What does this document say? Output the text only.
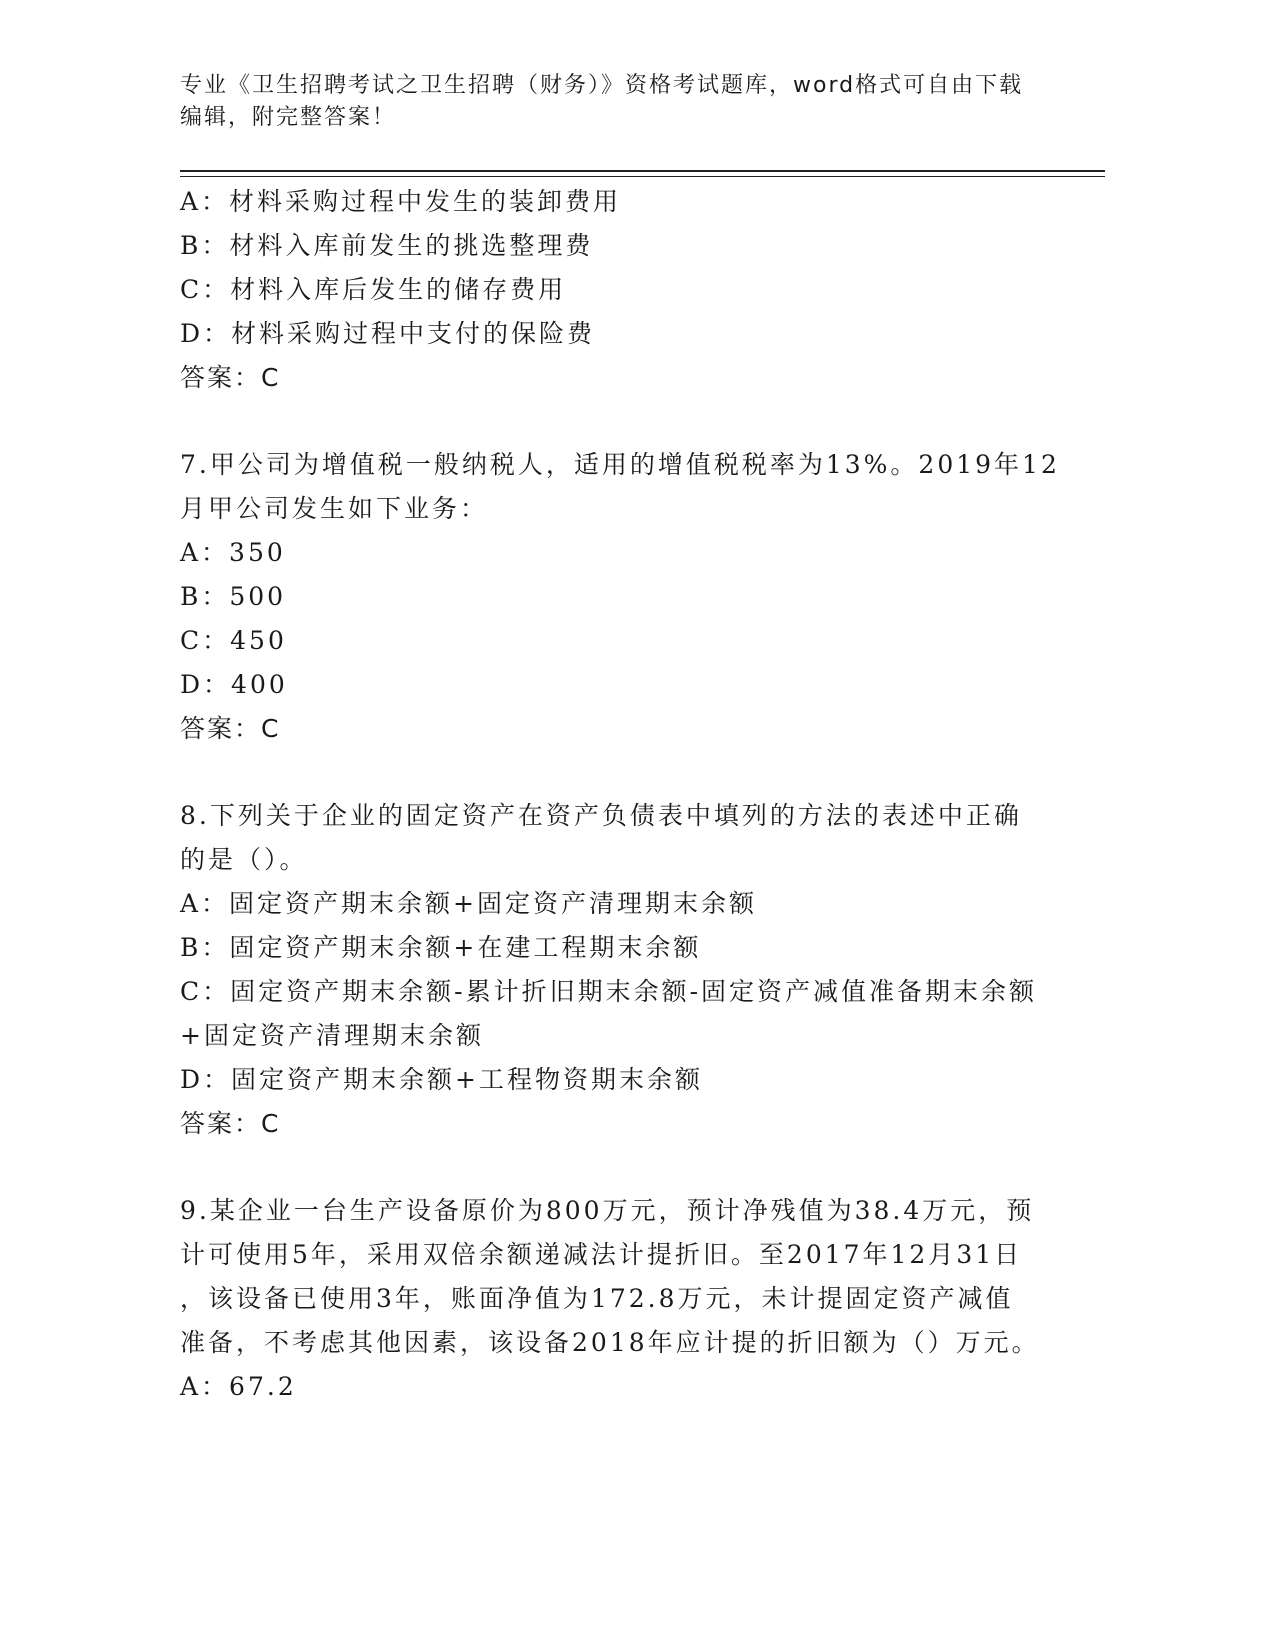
专业《卫生招聘考试之卫生招聘（财务）》资格考试题库，word格式可自由下载
编辑，附完整答案！
A：材料采购过程中发生的装卸费用
B：材料入库前发生的挑选整理费
C：材料入库后发生的储存费用
D：材料采购过程中支付的保险费
答案：C
7.甲公司为增值税一般纳税人，适用的增值税税率为13%。2019年12
月甲公司发生如下业务：
A：350
B：500
C：450
D：400
答案：C
8.下列关于企业的固定资产在资产负债表中填列的方法的表述中正确
的是（）。
A：固定资产期末余额+固定资产清理期末余额
B：固定资产期末余额+在建工程期末余额
C：固定资产期末余额-累计折旧期末余额-固定资产减值准备期末余额
+固定资产清理期末余额
D：固定资产期末余额+工程物资期末余额
答案：C
9.某企业一台生产设备原价为800万元，预计净残值为38.4万元，预
计可使用5年，采用双倍余额递减法计提折旧。至2017年12月31日
，该设备已使用3年，账面净值为172.8万元，未计提固定资产减值
准备，不考虑其他因素，该设备2018年应计提的折旧额为（）万元。
A：67.2
